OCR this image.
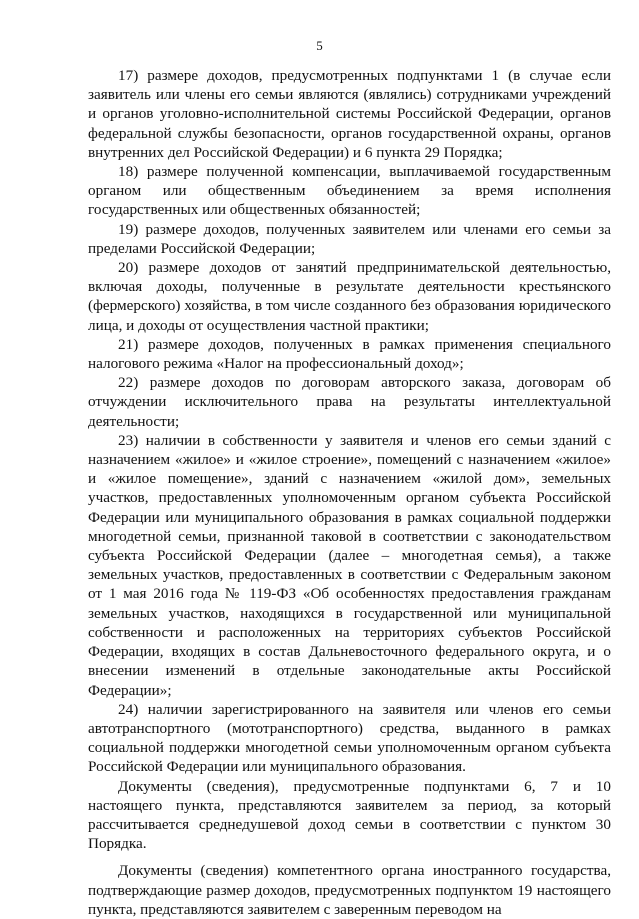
5

17) размере доходов, предусмотренных подпунктами 1 (в случае если заявитель или члены его семьи являются (являлись) сотрудниками учреждений и органов уголовно-исполнительной системы Российской Федерации, органов федеральной службы безопасности, органов государственной охраны, органов внутренних дел Российской Федерации) и 6 пункта 29 Порядка;

18) размере полученной компенсации, выплачиваемой государственным органом или общественным объединением за время исполнения государственных или общественных обязанностей;

19) размере доходов, полученных заявителем или членами его семьи за пределами Российской Федерации;

20) размере доходов от занятий предпринимательской деятельностью, включая доходы, полученные в результате деятельности крестьянского (фермерского) хозяйства, в том числе созданного без образования юридического лица, и доходы от осуществления частной практики;

21) размере доходов, полученных в рамках применения специального налогового режима «Налог на профессиональный доход»;

22) размере доходов по договорам авторского заказа, договорам об отчуждении исключительного права на результаты интеллектуальной деятельности;

23) наличии в собственности у заявителя и членов его семьи зданий с назначением «жилое» и «жилое строение», помещений с назначением «жилое» и «жилое помещение», зданий с назначением «жилой дом», земельных участков, предоставленных уполномоченным органом субъекта Российской Федерации или муниципального образования в рамках социальной поддержки многодетной семьи, признанной таковой в соответствии с законодательством субъекта Российской Федерации (далее – многодетная семья), а также земельных участков, предоставленных в соответствии с Федеральным законом от 1 мая 2016 года № 119-ФЗ «Об особенностях предоставления гражданам земельных участков, находящихся в государственной или муниципальной собственности и расположенных на территориях субъектов Российской Федерации, входящих в состав Дальневосточного федерального округа, и о внесении изменений в отдельные законодательные акты Российской Федерации»;

24) наличии зарегистрированного на заявителя или членов его семьи автотранспортного (мототранспортного) средства, выданного в рамках социальной поддержки многодетной семьи уполномоченным органом субъекта Российской Федерации или муниципального образования.

Документы (сведения), предусмотренные подпунктами 6, 7 и 10 настоящего пункта, представляются заявителем за период, за который рассчитывается среднедушевой доход семьи в соответствии с пунктом 30 Порядка.

Документы (сведения) компетентного органа иностранного государства, подтверждающие размер доходов, предусмотренных подпунктом 19 настоящего пункта, представляются заявителем с заверенным переводом на
